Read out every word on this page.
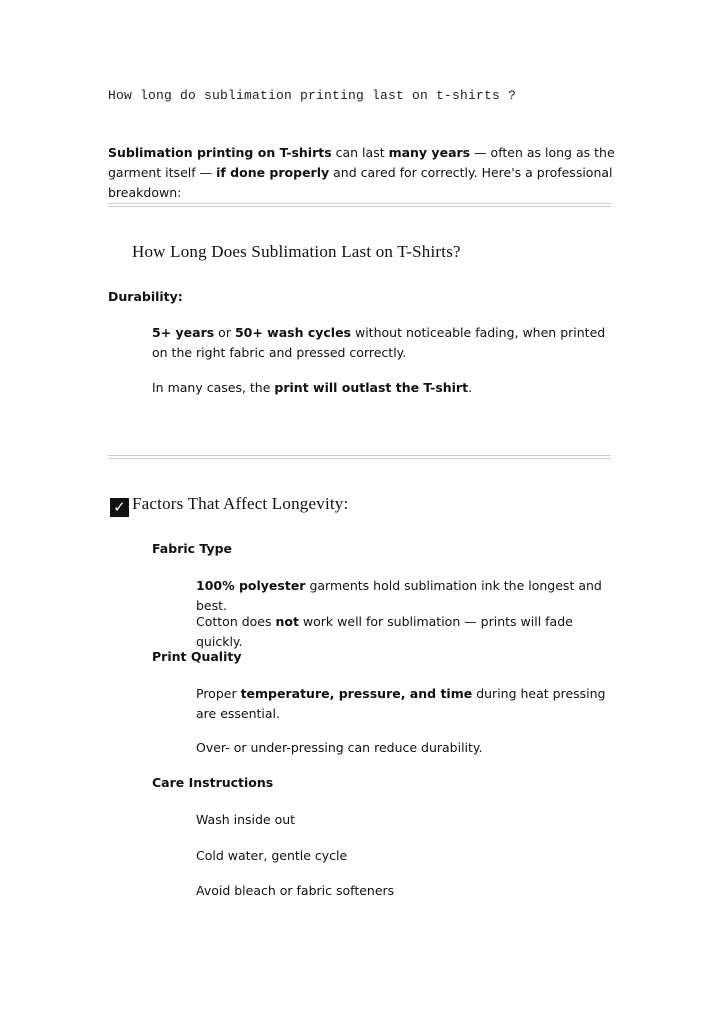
How long do sublimation printing last on t-shirts ?
Sublimation printing on T-shirts can last many years — often as long as the garment itself — if done properly and cared for correctly. Here's a professional breakdown:
How Long Does Sublimation Last on T-Shirts?
Durability:
5+ years or 50+ wash cycles without noticeable fading, when printed on the right fabric and pressed correctly.
In many cases, the print will outlast the T-shirt.
✓ Factors That Affect Longevity:
Fabric Type
100% polyester garments hold sublimation ink the longest and best.
Cotton does not work well for sublimation — prints will fade quickly.
Print Quality
Proper temperature, pressure, and time during heat pressing are essential.
Over- or under-pressing can reduce durability.
Care Instructions
Wash inside out
Cold water, gentle cycle
Avoid bleach or fabric softeners
